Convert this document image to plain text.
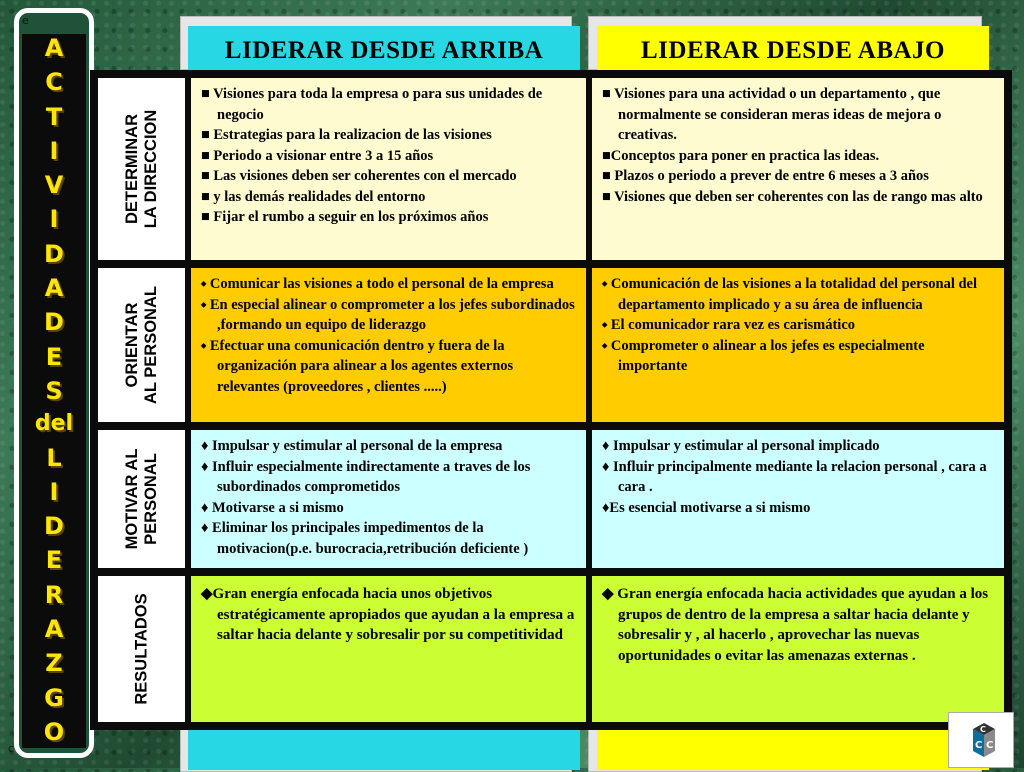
e
c
A
C
T
I
V
I
D
A
D
E
S
del
L
I
D
E
R
A
Z
G
O
LIDERAR DESDE ARRIBA	LIDERAR DESDE ABAJO
DETERMINAR LA DIRECCION

■ Visiones para toda la empresa o para sus unidades de negocio

■ Estrategias para la realizacion de las visiones

■ Periodo a visionar entre 3 a 15 años

■ Las visiones deben ser coherentes con el mercado

■ y las demás realidades del entorno

■ Fijar el rumbo a seguir en los próximos años

■ Visiones para una actividad o un departamento , que normalmente se consideran meras ideas de mejora o creativas.

■Conceptos para poner en practica las ideas.

■ Plazos o periodo a prever de entre 6 meses a 3 años

■ Visiones que deben ser coherentes con las de rango mas alto

ORIENTAR AL PERSONAL

⬩ Comunicar las visiones a todo el personal de la empresa

⬩ En especial alinear o comprometer a los jefes subordinados ,formando un equipo de liderazgo

⬩ Efectuar una comunicación dentro y fuera de la organización para alinear a los agentes externos relevantes (proveedores , clientes .....)

⬩ Comunicación de las visiones a la totalidad del personal del departamento implicado y a su área de influencia

⬩ El comunicador rara vez es carismático

⬩ Comprometer o alinear a los jefes es especialmente importante

MOTIVAR AL PERSONAL

♦ Impulsar y estimular al personal de la empresa

♦ Influir especialmente indirectamente a traves de los subordinados comprometidos

♦ Motivarse a si mismo

♦ Eliminar los principales impedimentos de la motivacion(p.e. burocracia,retribución deficiente )

♦ Impulsar y estimular al personal implicado

♦ Influir principalmente mediante la relacion personal , cara a cara .

♦Es esencial motivarse a si mismo

RESULTADOS	◆Gran energía enfocada hacia unos objetivos estratégicamente apropiados que ayudan a la empresa a saltar hacia delante y sobresalir por su competitividad

◆ Gran energía enfocada hacia actividades que ayudan a los grupos de dentro de la empresa a saltar hacia delante y sobresalir y , al hacerlo , aprovechar las nuevas oportunidades o evitar las amenazas externas .

C
C C
